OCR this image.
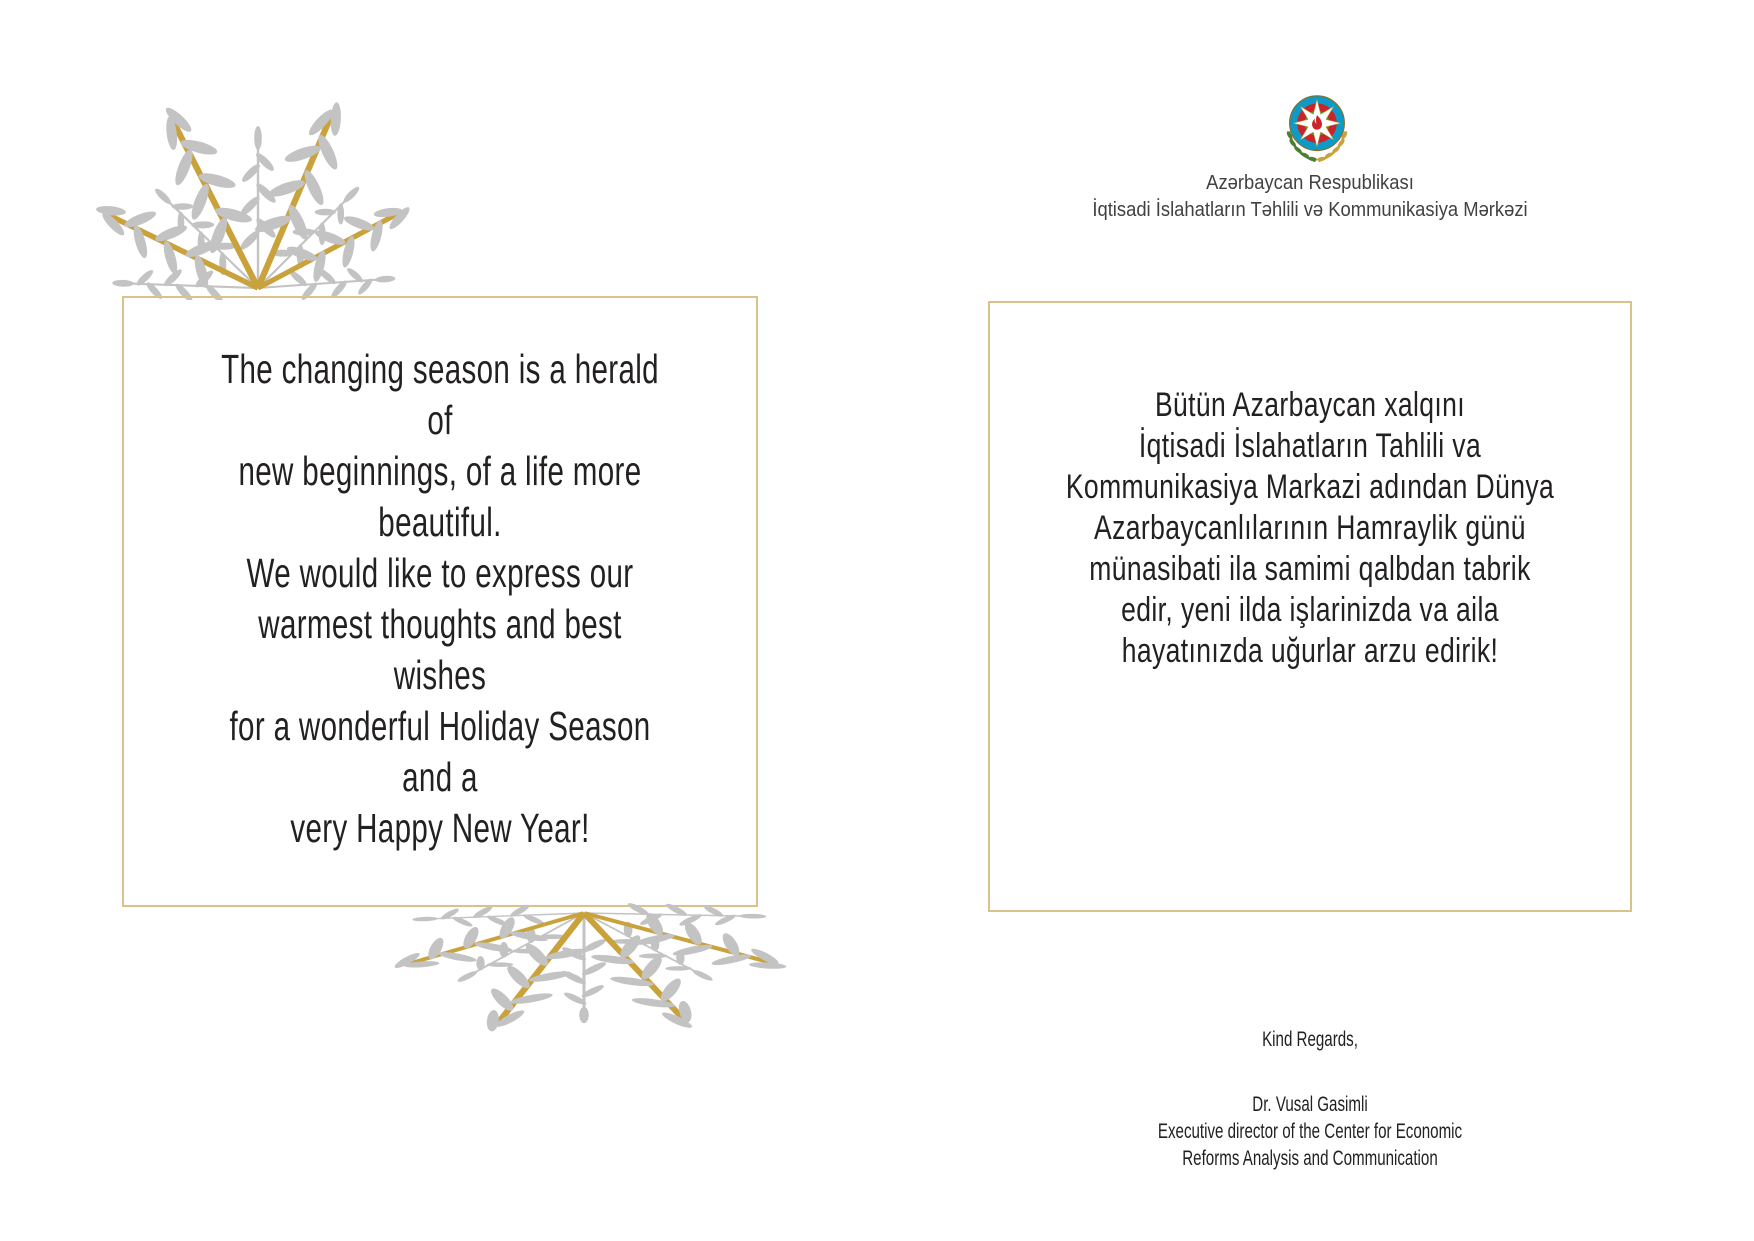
The changing season is a herald of
new beginnings, of a life more
beautiful.
We would like to express our
warmest thoughts and best wishes
for a wonderful Holiday Season and a
very Happy New Year!
Azərbaycan Respublikası
İqtisadi İslahatların Təhlili və Kommunikasiya Mərkəzi
Bütün Azarbaycan xalqını
İqtisadi İslahatların Tahlili va
Kommunikasiya Markazi adından Dünya
Azarbaycanlılarının Hamraylik günü
münasibati ila samimi qalbdan tabrik
edir, yeni ilda işlarinizda va aila
hayatınızda uğurlar arzu edirik!
Kind Regards,
Dr. Vusal Gasimli
Executive director of the Center for Economic
Reforms Analysis and Communication
